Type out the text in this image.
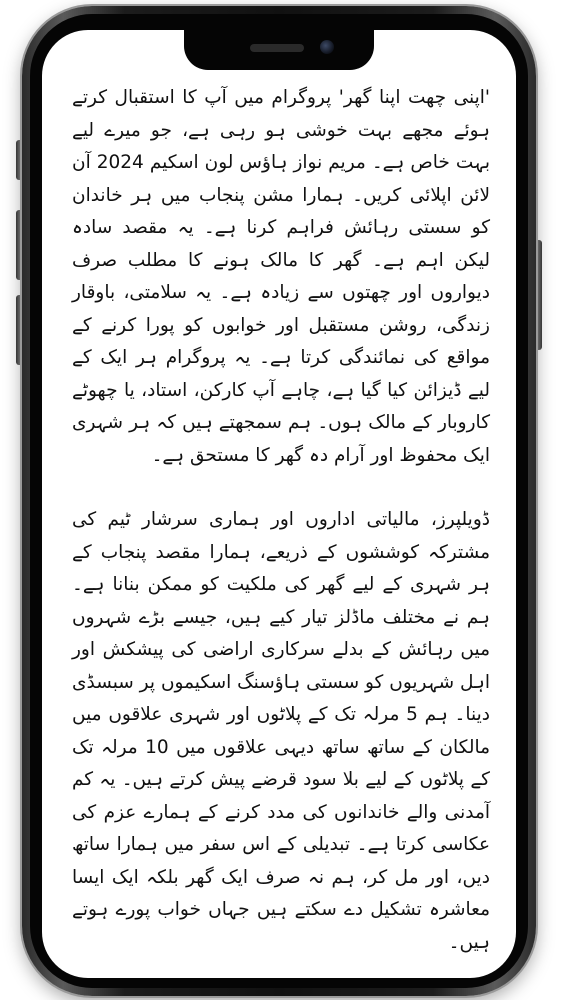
'اپنی چھت اپنا گھر' پروگرام میں آپ کا استقبال کرتے ہوئے مجھے بہت خوشی ہو رہی ہے، جو میرے لیے بہت خاص ہے۔ مریم نواز ہاؤس لون اسکیم 2024 آن لائن اپلائی کریں۔ ہمارا مشن پنجاب میں ہر خاندان کو سستی رہائش فراہم کرنا ہے۔ یہ مقصد سادہ لیکن اہم ہے۔ گھر کا مالک ہونے کا مطلب صرف دیواروں اور چھتوں سے زیادہ ہے۔ یہ سلامتی، باوقار زندگی، روشن مستقبل اور خوابوں کو پورا کرنے کے مواقع کی نمائندگی کرتا ہے۔ یہ پروگرام ہر ایک کے لیے ڈیزائن کیا گیا ہے، چاہے آپ کارکن، استاد، یا چھوٹے کاروبار کے مالک ہوں۔ ہم سمجھتے ہیں کہ ہر شہری ایک محفوظ اور آرام دہ گھر کا مستحق ہے۔

ڈویلپرز، مالیاتی اداروں اور ہماری سرشار ٹیم کی مشترکہ کوششوں کے ذریعے، ہمارا مقصد پنجاب کے ہر شہری کے لیے گھر کی ملکیت کو ممکن بنانا ہے۔ ہم نے مختلف ماڈلز تیار کیے ہیں، جیسے بڑے شہروں میں رہائش کے بدلے سرکاری اراضی کی پیشکش اور اہل شہریوں کو سستی ہاؤسنگ اسکیموں پر سبسڈی دینا۔ ہم 5 مرلہ تک کے پلاٹوں اور شہری علاقوں میں مالکان کے ساتھ ساتھ دیہی علاقوں میں 10 مرلہ تک کے پلاٹوں کے لیے بلا سود قرضے پیش کرتے ہیں۔ یہ کم آمدنی والے خاندانوں کی مدد کرنے کے ہمارے عزم کی عکاسی کرتا ہے۔ تبدیلی کے اس سفر میں ہمارا ساتھ دیں، اور مل کر، ہم نہ صرف ایک گھر بلکہ ایک ایسا معاشرہ تشکیل دے سکتے ہیں جہاں خواب پورے ہوتے ہیں۔
